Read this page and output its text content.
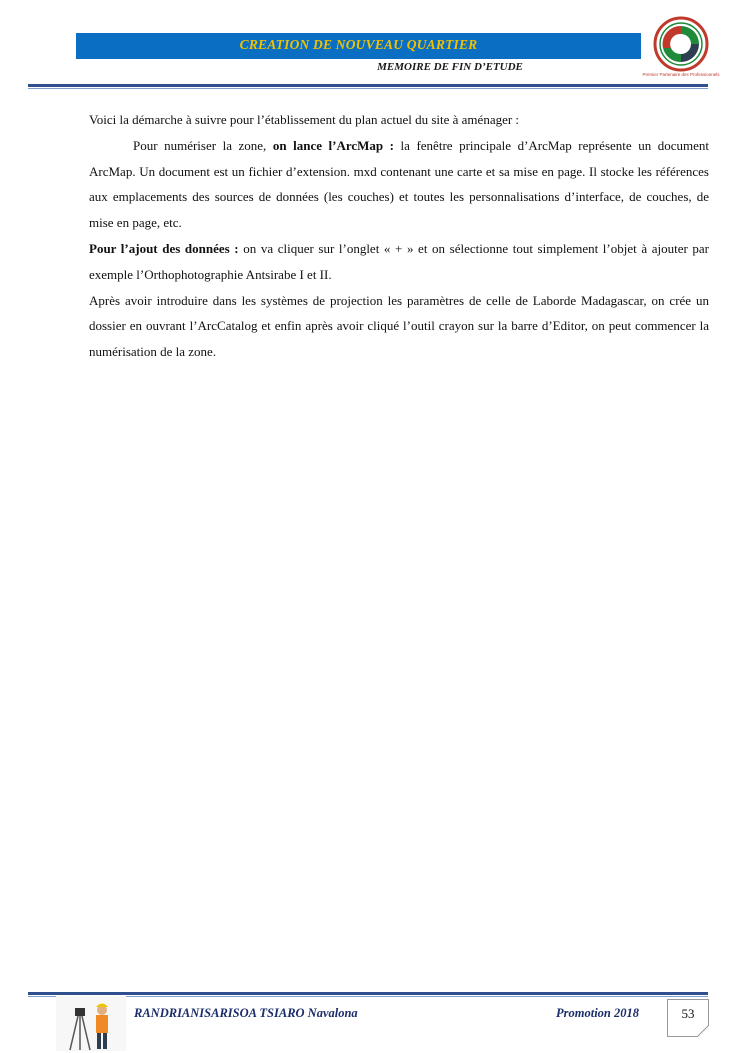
CREATION DE NOUVEAU QUARTIER
MEMOIRE DE FIN D’ETUDE
Premier Partenaire des Professionnels

Voici la démarche à suivre pour l’établissement du plan actuel du site à aménager :

Pour numériser la zone, on lance l’ArcMap : la fenêtre principale d’ArcMap représente un document ArcMap. Un document est un fichier d’extension. mxd contenant une carte et sa mise en page. Il stocke les références aux emplacements des sources de données (les couches) et toutes les personnalisations d’interface, de couches, de mise en page, etc.

Pour l’ajout des données : on va cliquer sur l’onglet « + » et on sélectionne tout simplement l’objet à ajouter par exemple l’Orthophotographie Antsirabe I et II.

Après avoir introduire dans les systèmes de projection les paramètres de celle de Laborde Madagascar, on crée un dossier en ouvrant l’ArcCatalog et enfin après avoir cliqué l’outil crayon sur la barre d’Editor, on peut commencer la numérisation de la zone.

RANDRIANISARISOA TSIARO Navalona	Promotion 2018	53
